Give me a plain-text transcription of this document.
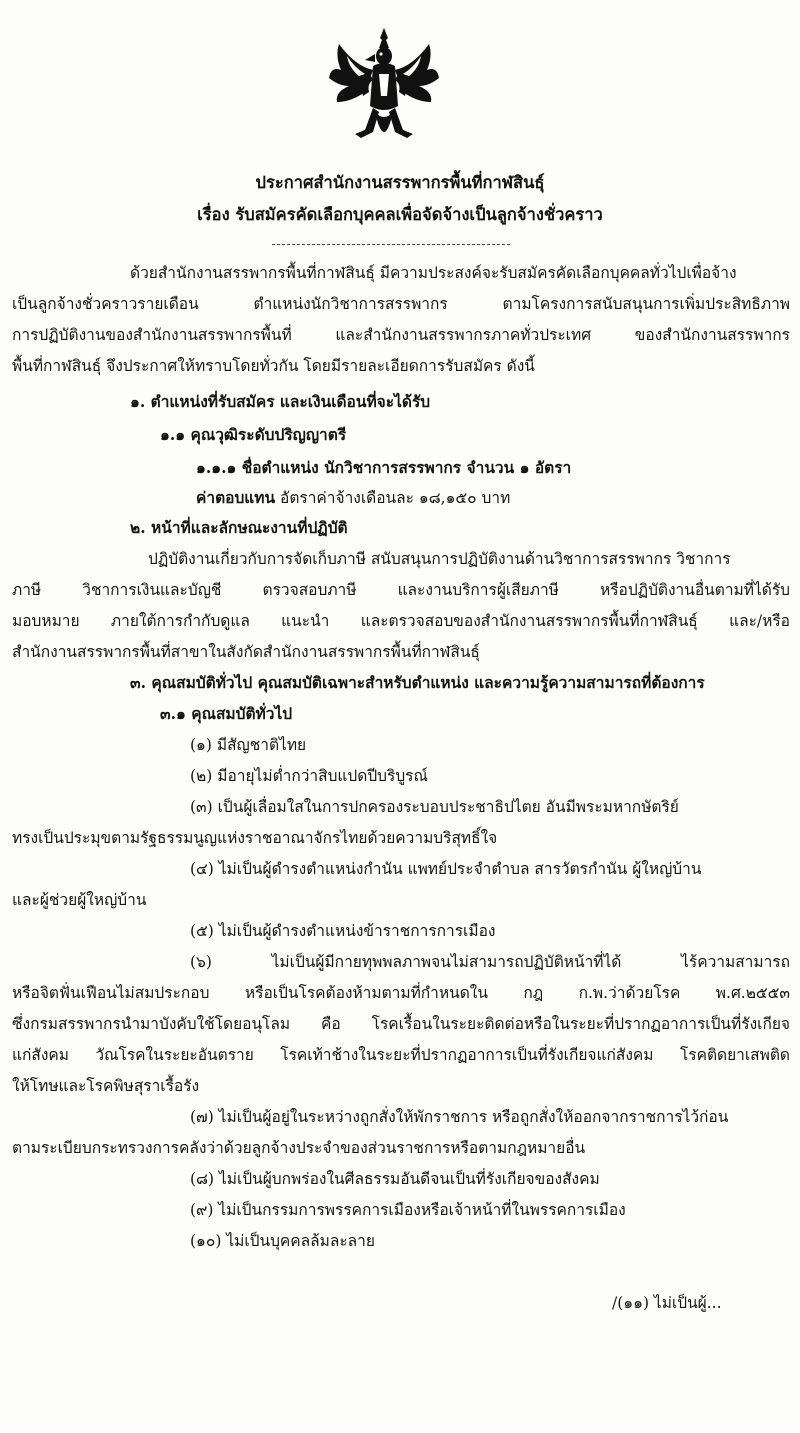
ประกาศสำนักงานสรรพากรพื้นที่กาฬสินธุ์
เรื่อง รับสมัครคัดเลือกบุคคลเพื่อจัดจ้างเป็นลูกจ้างชั่วคราว
ด้วยสำนักงานสรรพากรพื้นที่กาฬสินธุ์ มีความประสงค์จะรับสมัครคัดเลือกบุคคลทั่วไปเพื่อจ้าง
เป็นลูกจ้างชั่วคราวรายเดือน ตำแหน่งนักวิชาการสรรพากร ตามโครงการสนับสนุนการเพิ่มประสิทธิภาพ
การปฏิบัติงานของสำนักงานสรรพากรพื้นที่ และสำนักงานสรรพากรภาคทั่วประเทศ ของสำนักงานสรรพากร
พื้นที่กาฬสินธุ์ จึงประกาศให้ทราบโดยทั่วกัน โดยมีรายละเอียดการรับสมัคร ดังนี้
๑. ตำแหน่งที่รับสมัคร และเงินเดือนที่จะได้รับ
๑.๑ คุณวุฒิระดับปริญญาตรี
๑.๑.๑ ชื่อตำแหน่ง นักวิชาการสรรพากร จำนวน ๑ อัตรา
ค่าตอบแทน อัตราค่าจ้างเดือนละ ๑๘,๑๕๐ บาท
๒. หน้าที่และลักษณะงานที่ปฏิบัติ
ปฏิบัติงานเกี่ยวกับการจัดเก็บภาษี สนับสนุนการปฏิบัติงานด้านวิชาการสรรพากร วิชาการ
ภาษี วิชาการเงินและบัญชี ตรวจสอบภาษี และงานบริการผู้เสียภาษี หรือปฏิบัติงานอื่นตามที่ได้รับ
มอบหมาย ภายใต้การกำกับดูแล แนะนำ และตรวจสอบของสำนักงานสรรพากรพื้นที่กาฬสินธุ์ และ/หรือ
สำนักงานสรรพากรพื้นที่สาขาในสังกัดสำนักงานสรรพากรพื้นที่กาฬสินธุ์
๓. คุณสมบัติทั่วไป คุณสมบัติเฉพาะสำหรับตำแหน่ง และความรู้ความสามารถที่ต้องการ
๓.๑ คุณสมบัติทั่วไป
(๑) มีสัญชาติไทย
(๒) มีอายุไม่ต่ำกว่าสิบแปดปีบริบูรณ์
(๓) เป็นผู้เลื่อมใสในการปกครองระบอบประชาธิปไตย อันมีพระมหากษัตริย์
ทรงเป็นประมุขตามรัฐธรรมนูญแห่งราชอาณาจักรไทยด้วยความบริสุทธิ์ใจ
(๔) ไม่เป็นผู้ดำรงตำแหน่งกำนัน แพทย์ประจำตำบล สารวัตรกำนัน ผู้ใหญ่บ้าน
และผู้ช่วยผู้ใหญ่บ้าน
(๕) ไม่เป็นผู้ดำรงตำแหน่งข้าราชการการเมือง
(๖) ไม่เป็นผู้มีกายทุพพลภาพจนไม่สามารถปฏิบัติหน้าที่ได้ ไร้ความสามารถ
หรือจิตฟั่นเฟือนไม่สมประกอบ หรือเป็นโรคต้องห้ามตามที่กำหนดใน กฎ ก.พ.ว่าด้วยโรค พ.ศ.๒๕๕๓
ซึ่งกรมสรรพากรนำมาบังคับใช้โดยอนุโลม คือ โรคเรื้อนในระยะติดต่อหรือในระยะที่ปรากฏอาการเป็นที่รังเกียจ
แก่สังคม วัณโรคในระยะอันตราย โรคเท้าช้างในระยะที่ปรากฏอาการเป็นที่รังเกียจแก่สังคม โรคติดยาเสพติด
ให้โทษและโรคพิษสุราเรื้อรัง
(๗) ไม่เป็นผู้อยู่ในระหว่างถูกสั่งให้พักราชการ หรือถูกสั่งให้ออกจากราชการไว้ก่อน
ตามระเบียบกระทรวงการคลังว่าด้วยลูกจ้างประจำของส่วนราชการหรือตามกฎหมายอื่น
(๘) ไม่เป็นผู้บกพร่องในศีลธรรมอันดีจนเป็นที่รังเกียจของสังคม
(๙) ไม่เป็นกรรมการพรรคการเมืองหรือเจ้าหน้าที่ในพรรคการเมือง
(๑๐) ไม่เป็นบุคคลล้มละลาย
/(๑๑) ไม่เป็นผู้...
